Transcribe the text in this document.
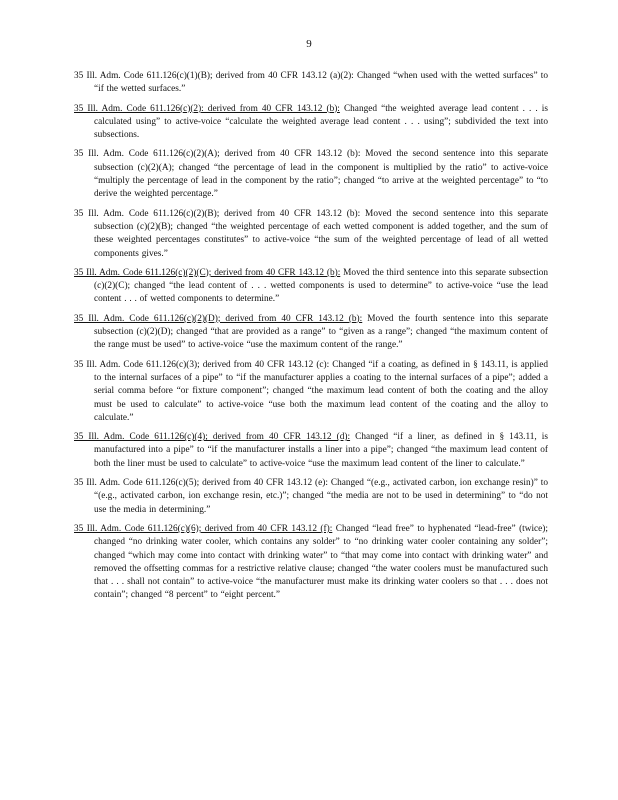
9

35 Ill. Adm. Code 611.126(c)(1)(B); derived from 40 CFR 143.12 (a)(2): Changed “when used with the wetted surfaces” to “if the wetted surfaces.”

35 Ill. Adm. Code 611.126(c)(2): derived from 40 CFR 143.12 (b): Changed “the weighted average lead content . . . is calculated using” to active-voice “calculate the weighted average lead content . . . using”; subdivided the text into subsections.

35 Ill. Adm. Code 611.126(c)(2)(A); derived from 40 CFR 143.12 (b): Moved the second sentence into this separate subsection (c)(2)(A); changed “the percentage of lead in the component is multiplied by the ratio” to active-voice “multiply the percentage of lead in the component by the ratio”; changed “to arrive at the weighted percentage” to “to derive the weighted percentage.”

35 Ill. Adm. Code 611.126(c)(2)(B); derived from 40 CFR 143.12 (b): Moved the second sentence into this separate subsection (c)(2)(B); changed “the weighted percentage of each wetted component is added together, and the sum of these weighted percentages constitutes” to active-voice “the sum of the weighted percentage of lead of all wetted components gives.”

35 Ill. Adm. Code 611.126(c)(2)(C); derived from 40 CFR 143.12 (b): Moved the third sentence into this separate subsection (c)(2)(C); changed “the lead content of . . . wetted components is used to determine” to active-voice “use the lead content . . . of wetted components to determine.”

35 Ill. Adm. Code 611.126(c)(2)(D); derived from 40 CFR 143.12 (b): Moved the fourth sentence into this separate subsection (c)(2)(D); changed “that are provided as a range” to “given as a range”; changed “the maximum content of the range must be used” to active-voice “use the maximum content of the range.”

35 Ill. Adm. Code 611.126(c)(3); derived from 40 CFR 143.12 (c): Changed “if a coating, as defined in § 143.11, is applied to the internal surfaces of a pipe” to “if the manufacturer applies a coating to the internal surfaces of a pipe”; added a serial comma before “or fixture component”; changed “the maximum lead content of both the coating and the alloy must be used to calculate” to active-voice “use both the maximum lead content of the coating and the alloy to calculate.”

35 Ill. Adm. Code 611.126(c)(4); derived from 40 CFR 143.12 (d): Changed “if a liner, as defined in § 143.11, is manufactured into a pipe” to “if the manufacturer installs a liner into a pipe”; changed “the maximum lead content of both the liner must be used to calculate” to active-voice “use the maximum lead content of the liner to calculate.”

35 Ill. Adm. Code 611.126(c)(5); derived from 40 CFR 143.12 (e): Changed “(e.g., activated carbon, ion exchange resin)” to “(e.g., activated carbon, ion exchange resin, etc.)”; changed “the media are not to be used in determining” to “do not use the media in determining.”

35 Ill. Adm. Code 611.126(c)(6); derived from 40 CFR 143.12 (f): Changed “lead free” to hyphenated “lead-free” (twice); changed “no drinking water cooler, which contains any solder” to “no drinking water cooler containing any solder”; changed “which may come into contact with drinking water” to “that may come into contact with drinking water” and removed the offsetting commas for a restrictive relative clause; changed “the water coolers must be manufactured such that . . . shall not contain” to active-voice “the manufacturer must make its drinking water coolers so that . . . does not contain”; changed “8 percent” to “eight percent.”
